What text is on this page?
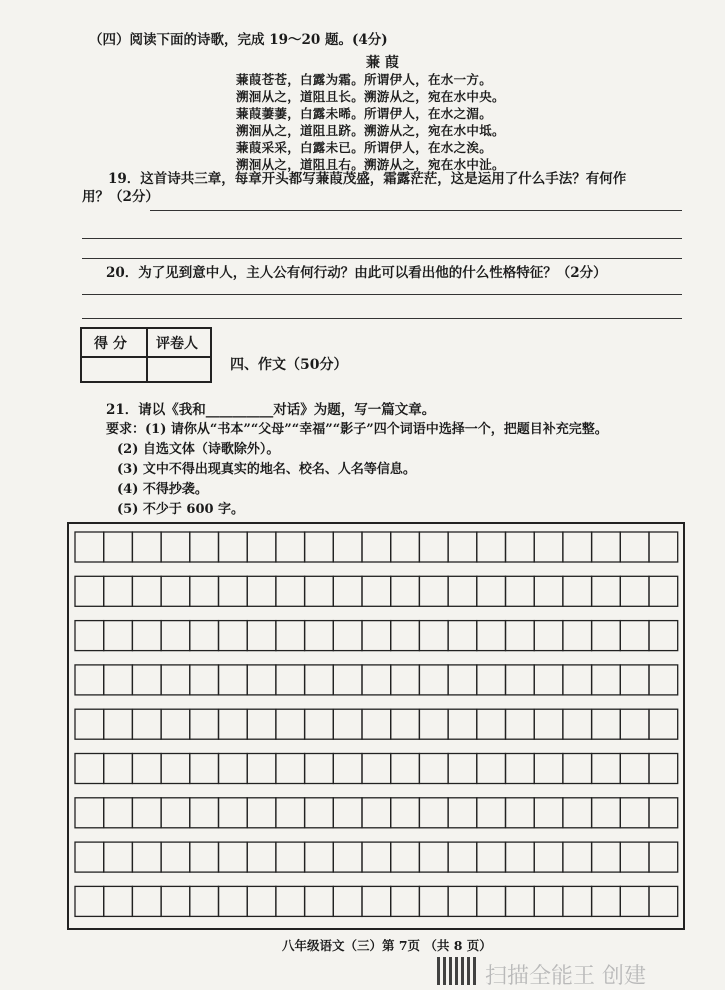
（四）阅读下面的诗歌，完成 19～20 题。(4分)
蒹 葭
蒹葭苍苍，白露为霜。所谓伊人，在水一方。
溯洄从之，道阻且长。溯游从之，宛在水中央。
蒹葭萋萋，白露未晞。所谓伊人，在水之湄。
溯洄从之，道阻且跻。溯游从之，宛在水中坻。
蒹葭采采，白露未已。所谓伊人，在水之涘。
溯洄从之，道阻且右。溯游从之，宛在水中沚。
19．这首诗共三章，每章开头都写蒹葭茂盛，霜露茫茫，这是运用了什么手法？有何作
用？（2分）
20．为了见到意中人，主人公有何行动？由此可以看出他的什么性格特征？（2分）
得 分 评卷人
四、作文（50分）
21．请以《我和__________对话》为题，写一篇文章。
要求：(1) 请你从“书本”“父母”“幸福”“影子”四个词语中选择一个，把题目补充完整。
(2) 自选文体（诗歌除外）。
(3) 文中不得出现真实的地名、校名、人名等信息。
(4) 不得抄袭。
(5) 不少于 600 字。
八年级语文（三）第 7页 （共 8 页）
扫描全能王 创建
